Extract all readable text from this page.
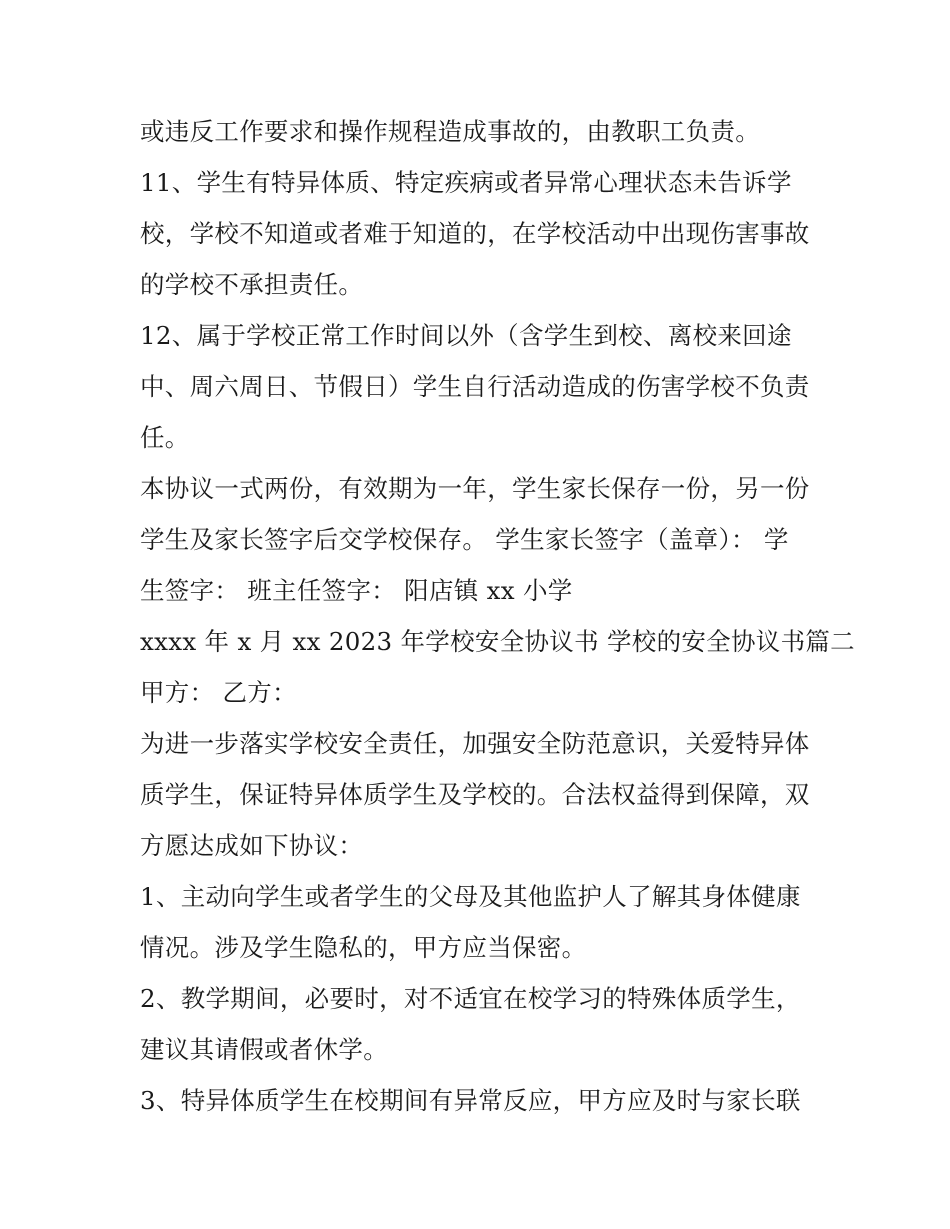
或违反工作要求和操作规程造成事故的，由教职工负责。
11、学生有特异体质、特定疾病或者异常心理状态未告诉学
校，学校不知道或者难于知道的，在学校活动中出现伤害事故
的学校不承担责任。
12、属于学校正常工作时间以外（含学生到校、离校来回途
中、周六周日、节假日）学生自行活动造成的伤害学校不负责
任。
本协议一式两份，有效期为一年，学生家长保存一份，另一份
学生及家长签字后交学校保存。 学生家长签字（盖章）： 学
生签字： 班主任签字： 阳店镇 xx 小学
xxxx 年 x 月 xx 2023 年学校安全协议书 学校的安全协议书篇二
甲方： 乙方：
为进一步落实学校安全责任，加强安全防范意识，关爱特异体
质学生，保证特异体质学生及学校的。合法权益得到保障，双
方愿达成如下协议：
1、主动向学生或者学生的父母及其他监护人了解其身体健康
情况。涉及学生隐私的，甲方应当保密。
2、教学期间，必要时，对不适宜在校学习的特殊体质学生，
建议其请假或者休学。
3、特异体质学生在校期间有异常反应，甲方应及时与家长联
